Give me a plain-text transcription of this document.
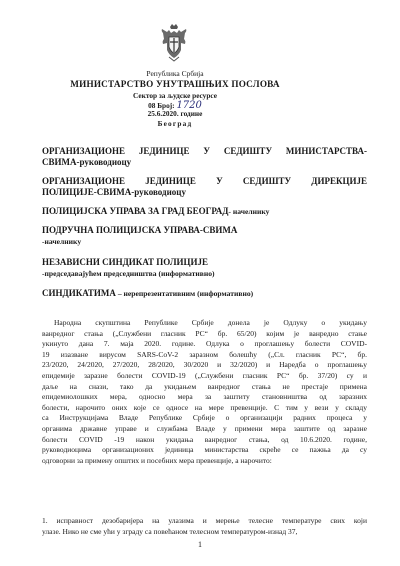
Република Србија
МИНИСТАРСТВО УНУТРАШЊИХ ПОСЛОВА
Сектор за људске ресурсе
08 Број: 1720
25.6.2020. године
Београд
ОРГАНИЗАЦИОНЕ ЈЕДИНИЦЕ У СЕДИШТУ МИНИСТАРСТВА-
СВИМА-руководиоцу
ОРГАНИЗАЦИОНЕ ЈЕДИНИЦЕ У СЕДИШТУ ДИРЕКЦИЈЕ
ПОЛИЦИЈЕ-СВИМА-руководиоцу
ПОЛИЦИЈСКА УПРАВА ЗА ГРАД БЕОГРАД- начелнику
ПОДРУЧНА ПОЛИЦИЈСКА УПРАВА-СВИМА
-начелнику
НЕЗАВИСНИ СИНДИКАТ ПОЛИЦИЈЕ
-председавајућем председништва (информативно)
СИНДИКАТИМА – нерепрезентативним (информативно)
Народна скупштина Републике Србије донела је Одлуку о укидању
ванредног стања („Службени гласник РС“ бр. 65/20) којим је ванредно стање
укинуто дана 7. маја 2020. године. Одлука о проглашењу болести COVID-
19 изазване вирусом SARS-CoV-2 заразном болешћу („Сл. гласник РС“, бр.
23/2020, 24/2020, 27/2020, 28/2020, 30/2020 и 32/2020) и Наредба о проглашењу
епидемије заразне болести COVID-19 („Службени гласник РС“ бр. 37/20) су и
даље на снази, тако да укидањем ванредног стања не престаје примена
епидемиолошких мера, односно мера за заштиту становништва од заразних
болести, нарочито оних које се односе на мере превенције. С тим у вези у складу
са Инструкцијама Владе Републике Србије о организацији радних процеса у
органима државне управе и службама Владе у примени мера заштите од заразне
болести COVID -19 након укидања ванредног стања, од 10.6.2020. године,
руководиоцима организационих јединица министарства скреће се пажња да су
одговорни за примену општих и посебних мера превенције, а нарочито:
1. исправност дезобаријера на улазима и мерење телесне температуре свих који
улазе. Нико не сме ући у зграду са повећаном телесном температуром-изнад 37,
1
